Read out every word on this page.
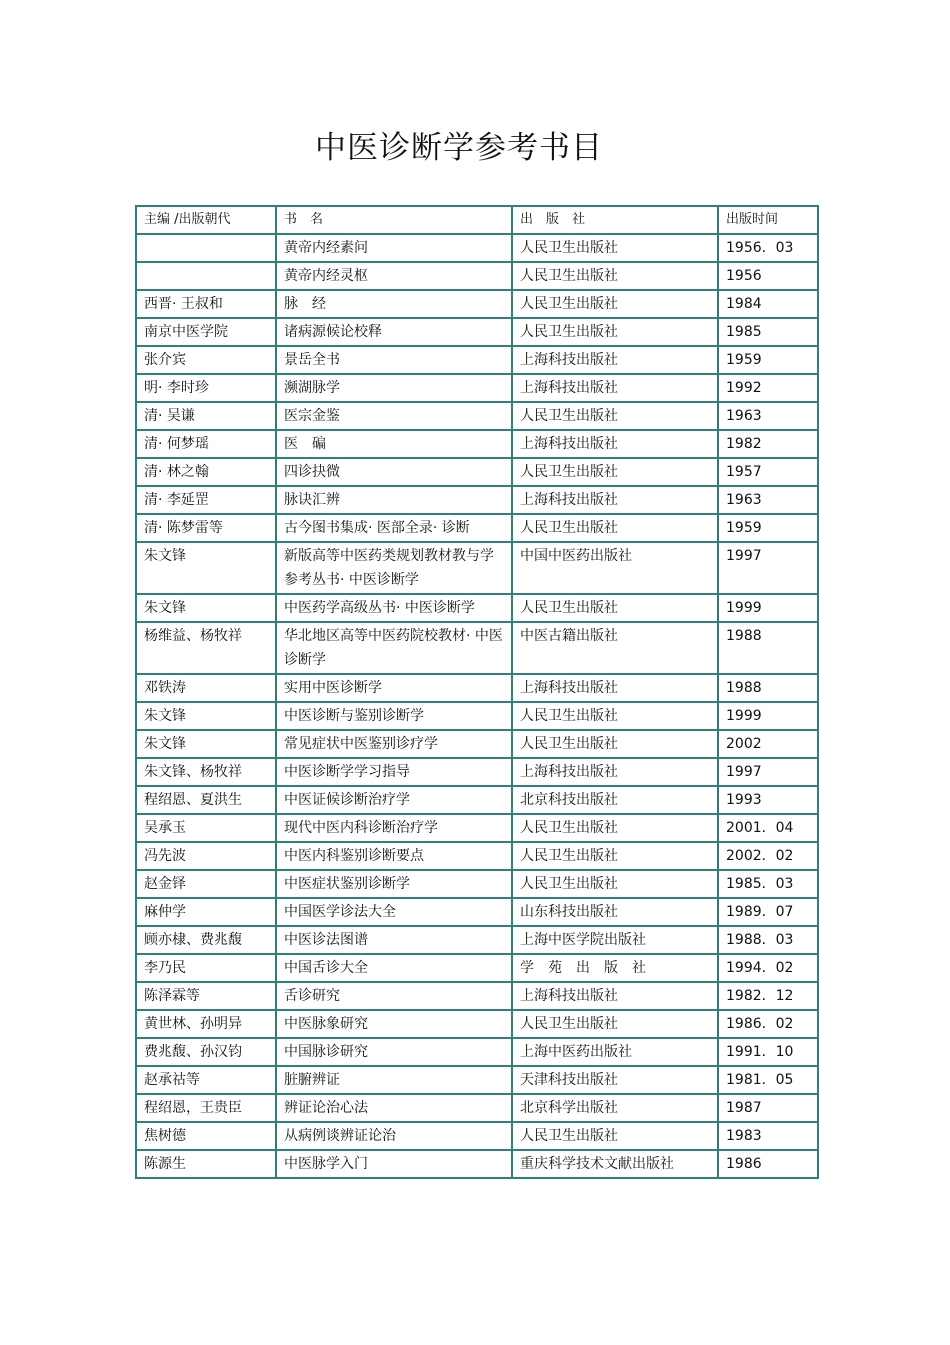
中医诊断学参考书目
主编 /出版朝代	书　名	出　版　社	出版时间
	黄帝内经素问	人民卫生出版社	1956．03
	黄帝内经灵枢	人民卫生出版社	1956
西晋· 王叔和	脉　经	人民卫生出版社	1984
南京中医学院	诸病源候论校释	人民卫生出版社	1985
张介宾	景岳全书	上海科技出版社	1959
明· 李时珍	濒湖脉学	上海科技出版社	1992
清· 吴谦	医宗金鉴	人民卫生出版社	1963
清· 何梦瑶	医　碥	上海科技出版社	1982
清· 林之翰	四诊抉微	人民卫生出版社	1957
清· 李延罡	脉诀汇辨	上海科技出版社	1963
清· 陈梦雷等	古今图书集成· 医部全录· 诊断	人民卫生出版社	1959
朱文锋	新版高等中医药类规划教材教与学参考丛书· 中医诊断学	中国中医药出版社	1997
朱文锋	中医药学高级丛书· 中医诊断学	人民卫生出版社	1999
杨维益、杨牧祥	华北地区高等中医药院校教材· 中医诊断学	中医古籍出版社	1988
邓铁涛	实用中医诊断学	上海科技出版社	1988
朱文锋	中医诊断与鉴别诊断学	人民卫生出版社	1999
朱文锋	常见症状中医鉴别诊疗学	人民卫生出版社	2002
朱文锋、杨牧祥	中医诊断学学习指导	上海科技出版社	1997
程绍恩、夏洪生	中医证候诊断治疗学	北京科技出版社	1993
吴承玉	现代中医内科诊断治疗学	人民卫生出版社	2001．04
冯先波	中医内科鉴别诊断要点	人民卫生出版社	2002．02
赵金铎	中医症状鉴别诊断学	人民卫生出版社	1985．03
麻仲学	中国医学诊法大全	山东科技出版社	1989．07
顾亦棣、费兆馥	中医诊法图谱	上海中医学院出版社	1988．03
李乃民	中国舌诊大全	学　苑　出　版　社	1994．02
陈泽霖等	舌诊研究	上海科技出版社	1982．12
黄世林、孙明异	中医脉象研究	人民卫生出版社	1986．02
费兆馥、孙汉钧	中国脉诊研究	上海中医药出版社	1991．10
赵承祜等	脏腑辨证	天津科技出版社	1981．05
程绍恩，王贵臣	辨证论治心法	北京科学出版社	1987
焦树德	从病例谈辨证论治	人民卫生出版社	1983
陈源生	中医脉学入门	重庆科学技术文献出版社	1986
